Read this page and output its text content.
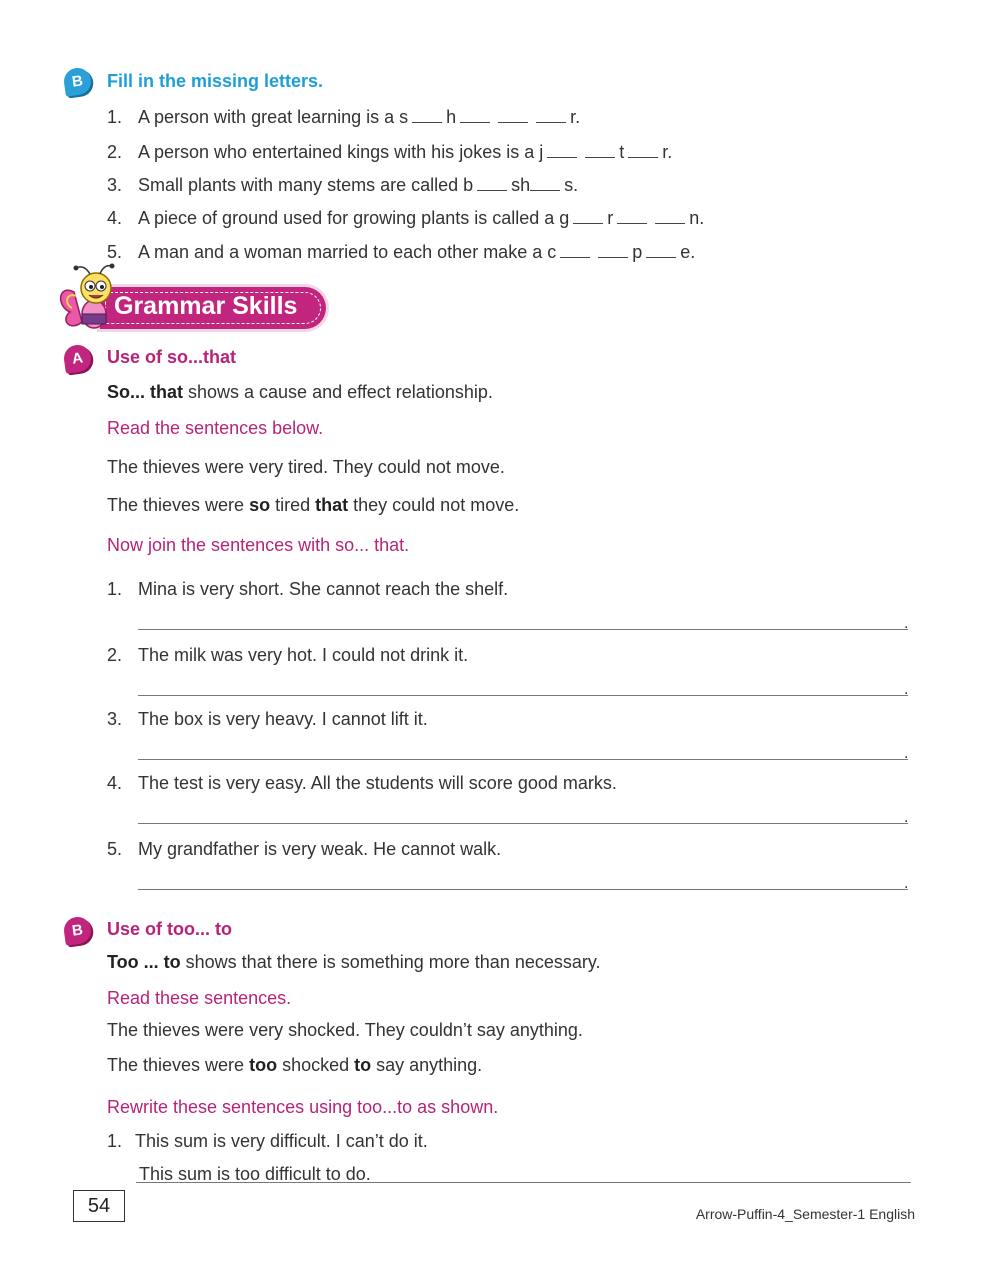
B	Fill in the missing letters.
1. A person with great learning is a s h	r.
2. A person who entertained kings with his jokes is a j	t r.
3. Small plants with many stems are called b sh s.
4. A piece of ground used for growing plants is called a g r	n.
5. A man and a woman married to each other make a c	p e.
Grammar Skills
A	Use of so...that
So... that shows a cause and effect relationship.
Read the sentences below.
The thieves were very tired. They could not move.
The thieves were so tired that they could not move.
Now join the sentences with so... that.
1. Mina is very short. She cannot reach the shelf.
.
2. The milk was very hot. I could not drink it.
.
3. The box is very heavy. I cannot lift it.
.
4. The test is very easy. All the students will score good marks.
.
5. My grandfather is very weak. He cannot walk.
.
B	Use of too... to
Too ... to shows that there is something more than necessary.
Read these sentences.
The thieves were very shocked. They couldn’t say anything.
The thieves were too shocked to say anything.
Rewrite these sentences using too...to as shown.
1. This sum is very difficult. I can’t do it.
This sum is too difficult to do.
54	Arrow-Puffin-4_Semester-1 English
